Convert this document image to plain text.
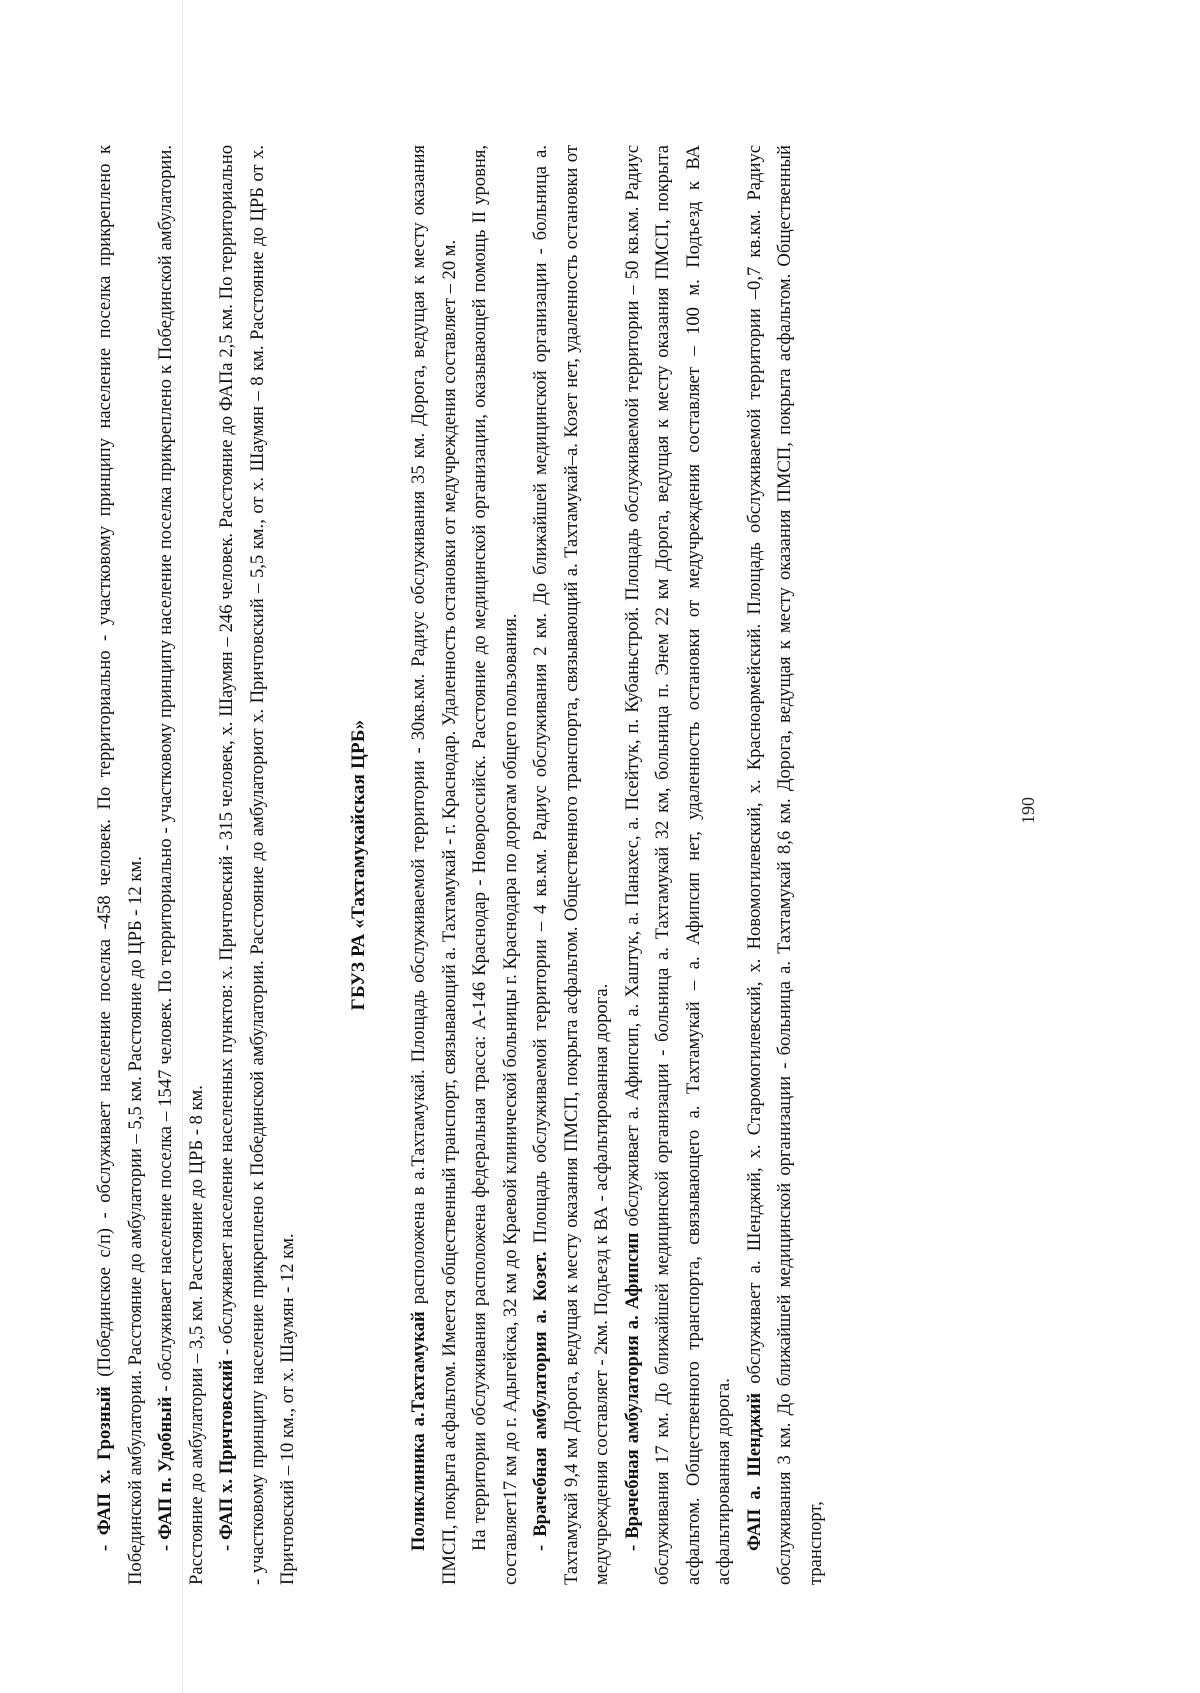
- ФАП х. Грозный (Побединское с/п) - обслуживает население поселка -458 человек. По территориально - участковому принципу население поселка прикреплено к Побединской амбулатории. Расстояние до амбулатории – 5,5 км. Расстояние до ЦРБ - 12 км. - ФАП п. Удобный - обслуживает население поселка – 1547 человек. По территориально - участковому принципу население поселка прикреплено к Побединской амбулатории. Расстояние до амбулатории – 3,5 км. Расстояние до ЦРБ - 8 км. - ФАП х. Причтовский - обслуживает население населенных пунктов: х. Причтовский - 315 человек, х. Шаумян – 246 человек. Расстояние до ФАПа 2,5 км. По территориально - участковому принципу население прикреплено к Побединской амбулатории. Расстояние до амбулаториот х. Причтовский – 5,5 км., от х. Шаумян – 8 км. Расстояние до ЦРБ от х. Причтовский – 10 км., от х. Шаумян - 12 км.

ГБУЗ РА «Тахтамукайская ЦРБ»

Поликлиника а.Тахтамукай расположена в а.Тахтамукай. Площадь обслуживаемой территории - 30кв.км. Радиус обслуживания 35 км. Дорога, ведущая к месту оказания ПМСП, покрыта асфальтом. Имеется общественный транспорт, связывающий а. Тахтамукай - г. Краснодар. Удаленность остановки от медучреждения составляет – 20 м. На территории обслуживания расположена федеральная трасса: А-146 Краснодар - Новороссийск. Расстояние до медицинской организации, оказывающей помощь II уровня, составляет17 км до г. Адыгейска, 32 км до Краевой клинической больницы г. Краснодара по дорогам общего пользования. - Врачебная амбулатория а. Козет. Площадь обслуживаемой территории – 4 кв.км. Радиус обслуживания 2 км. До ближайшей медицинской организации - больница а. Тахтамукай 9,4 км Дорога, ведущая к месту оказания ПМСП, покрыта асфальтом. Общественного транспорта, связывающий а. Тахтамукай–а. Козет нет, удаленность остановки от медучреждения составляет - 2км. Подъезд к ВА - асфальтированная дорога. - Врачебная амбулатория а. Афипсип обслуживает а. Афипсип, а. Хаштук, а. Панахес, а. Псейтук, п. Кубаньстрой. Площадь обслуживаемой территории – 50 кв.км. Радиус обслуживания 17 км. До ближайшей медицинской организации - больница а. Тахтамукай 32 км, больница п. Энем 22 км Дорога, ведущая к месту оказания ПМСП, покрыта асфальтом. Общественного транспорта, связывающего а. Тахтамукай – а. Афипсип нет, удаленность остановки от медучреждения составляет – 100 м. Подъезд к ВА асфальтированная дорога. ФАП а. Шенджий обслуживает а. Шенджий, х. Старомогилевский, х. Новомогилевский, х. Красноармейский. Площадь обслуживаемой территории –0,7 кв.км. Радиус обслуживания 3 км. До ближайшей медицинской организации - больница а. Тахтамукай 8,6 км. Дорога, ведущая к месту оказания ПМСП, покрыта асфальтом. Общественный транспорт,

190
